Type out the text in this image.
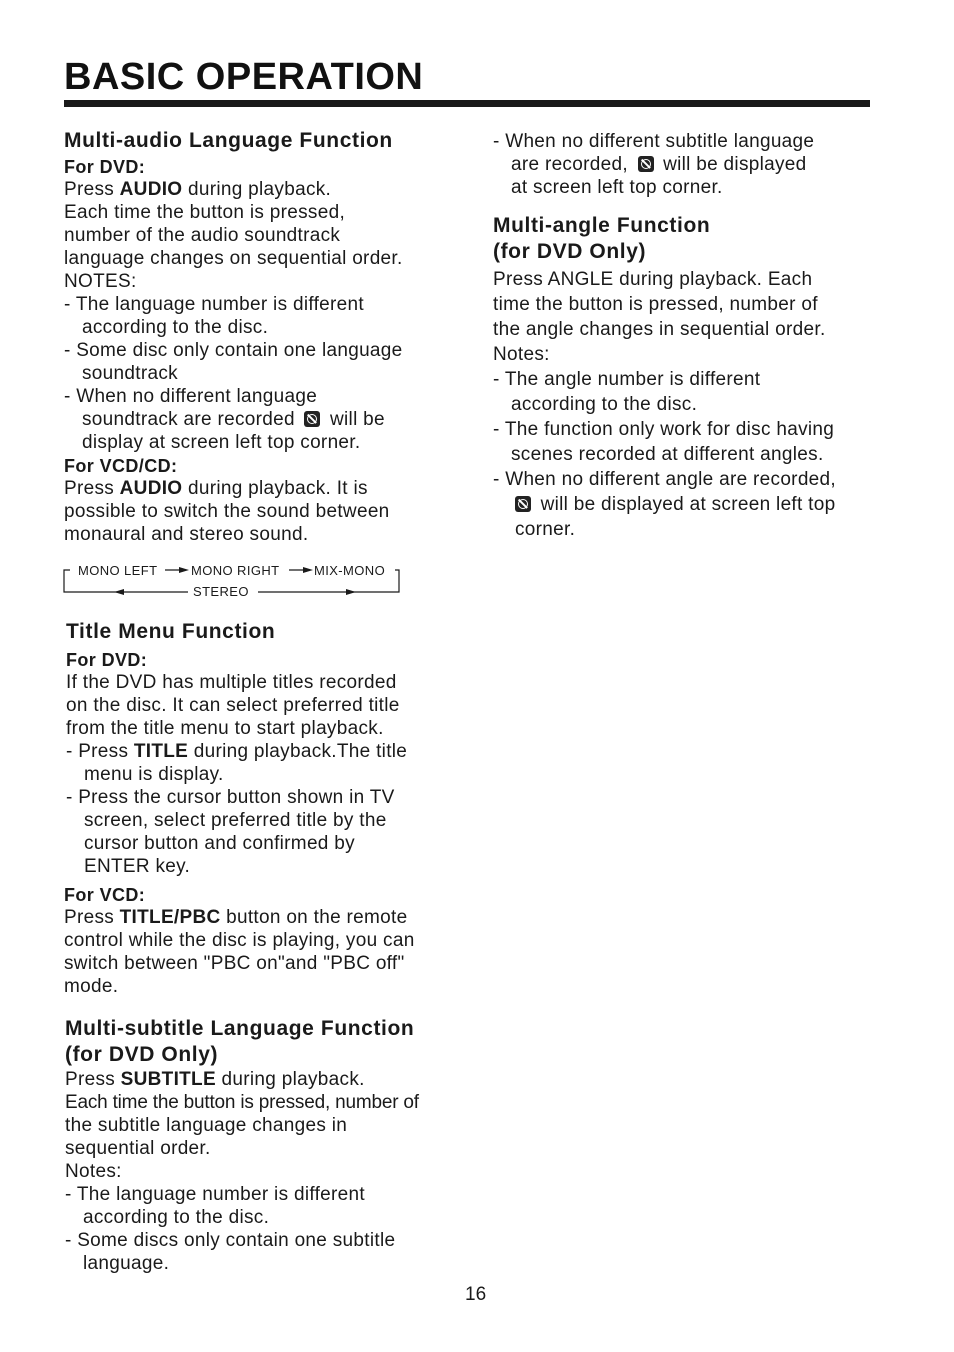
BASIC OPERATION
Multi-audio Language Function
For DVD:
Press AUDIO during playback.
Each time the button is pressed,
number of the audio soundtrack
language changes on sequential order.
NOTES:
- The language number is different
according to the disc.
- Some disc only contain one language
soundtrack
- When no different language
soundtrack are recorded  will be
display at screen left top corner.
For VCD/CD:
Press AUDIO during playback. It is
possible to switch the sound between
monaural and stereo sound.
MONO LEFT	MONO RIGHT	MIX-MONO
STEREO
Title Menu Function
For DVD:
If the DVD has multiple titles recorded
on the disc. It can select preferred title
from the title menu to start playback.
- Press TITLE during playback.The title
menu is display.
- Press the cursor button shown in TV
screen, select preferred title by the
cursor button and confirmed by
ENTER key.
For VCD:
Press TITLE/PBC button on the remote
control while the disc is playing, you can
switch between "PBC on"and "PBC off"
mode.
Multi-subtitle Language Function
(for DVD Only)
Press SUBTITLE during playback.
Each time the button is pressed, number of
the subtitle language changes in
sequential order.
Notes:
- The language number is different
according to the disc.
- Some discs only contain one subtitle
language.
- When no different subtitle language
are recorded,  will be displayed
at screen left top corner.
Multi-angle Function
(for DVD Only)
Press ANGLE during playback. Each
time the button is pressed, number of
the angle changes in sequential order.
Notes:
- The angle number is different
according to the disc.
- The function only work for disc having
scenes recorded at different angles.
- When no different angle are recorded,
will be displayed at screen left top
corner.
16
